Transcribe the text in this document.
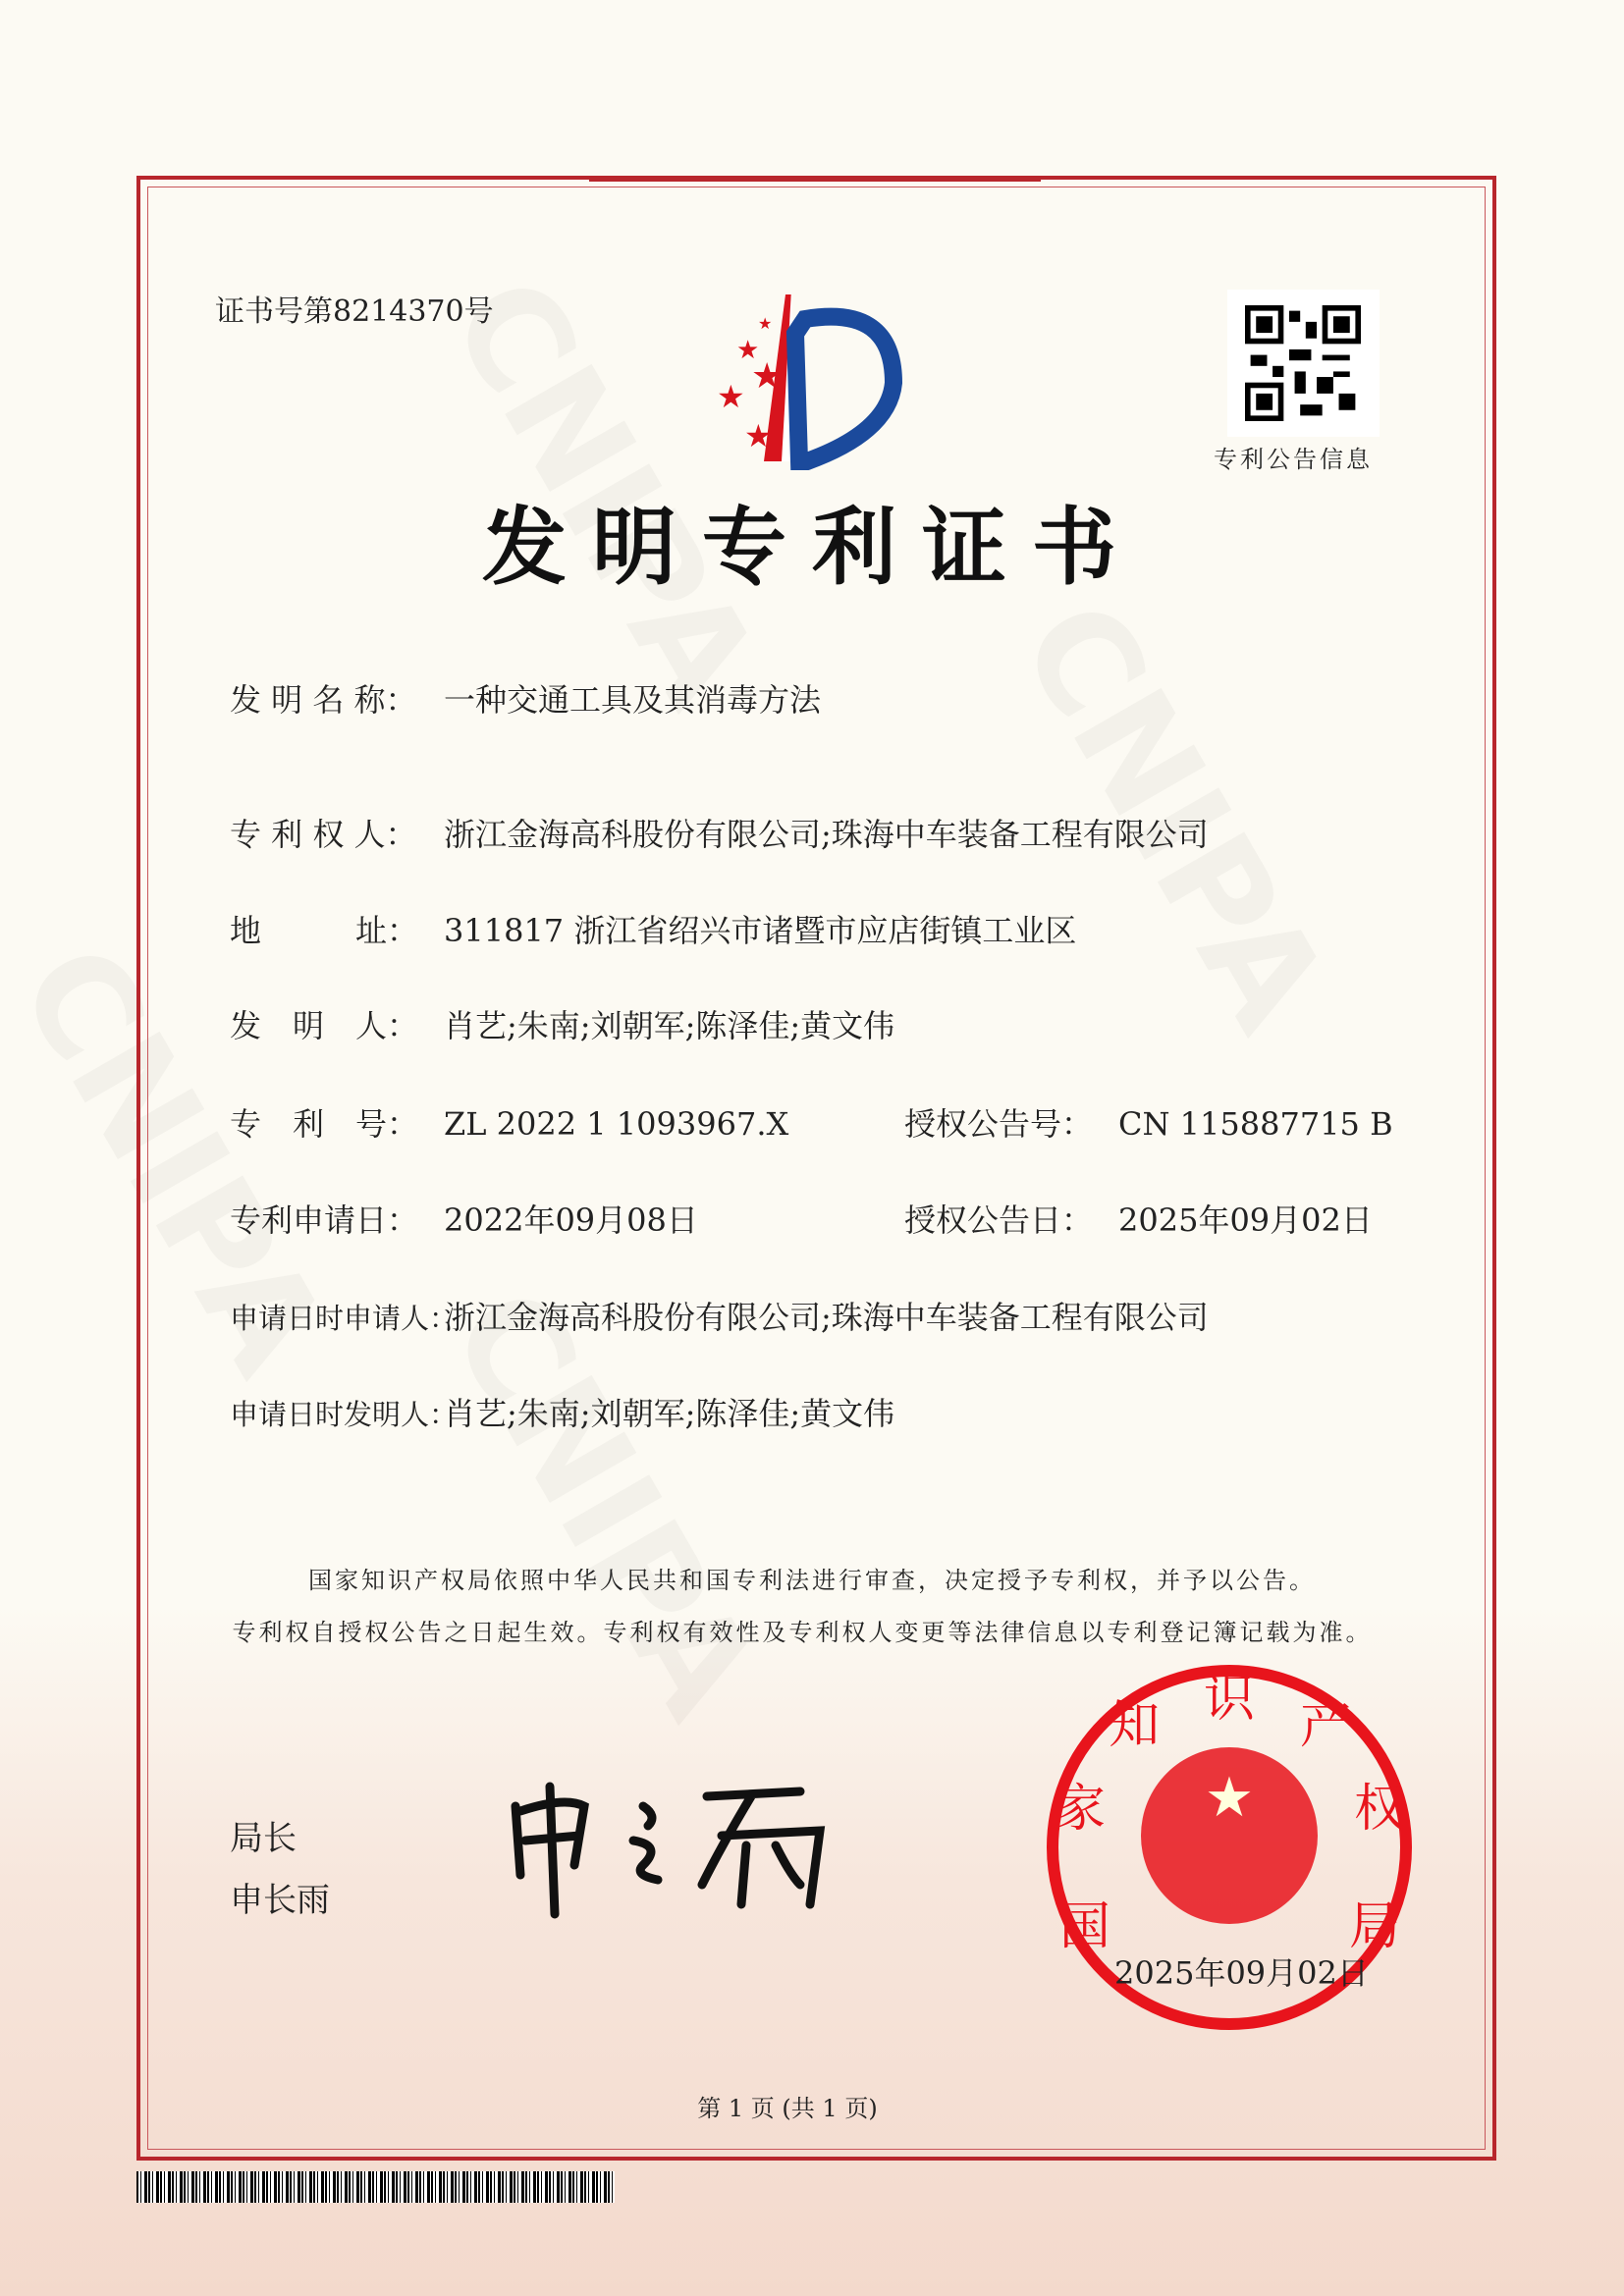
证书号第8214370号
★
★
★
★
★
专利公告信息
发明专利证书
发 明 名 称： 一种交通工具及其消毒方法
专 利 权 人： 浙江金海高科股份有限公司;珠海中车装备工程有限公司
地　　　址： 311817 浙江省绍兴市诸暨市应店街镇工业区
发　明　人： 肖艺;朱南;刘朝军;陈泽佳;黄文伟
专　利　号： ZL 2022 1 1093967.X
专利申请日： 2022年09月08日
申请日时申请人：浙江金海高科股份有限公司;珠海中车装备工程有限公司
申请日时发明人：肖艺;朱南;刘朝军;陈泽佳;黄文伟
授权公告号： CN 115887715 B
授权公告日： 2025年09月02日
国家知识产权局依照中华人民共和国专利法进行审查，决定授予专利权，并予以公告。
专利权自授权公告之日起生效。专利权有效性及专利权人变更等法律信息以专利登记簿记载为准。
局长
申长雨
★
国
家
知 识 产
权
局
2025年09月02日
第 1 页 (共 1 页)
